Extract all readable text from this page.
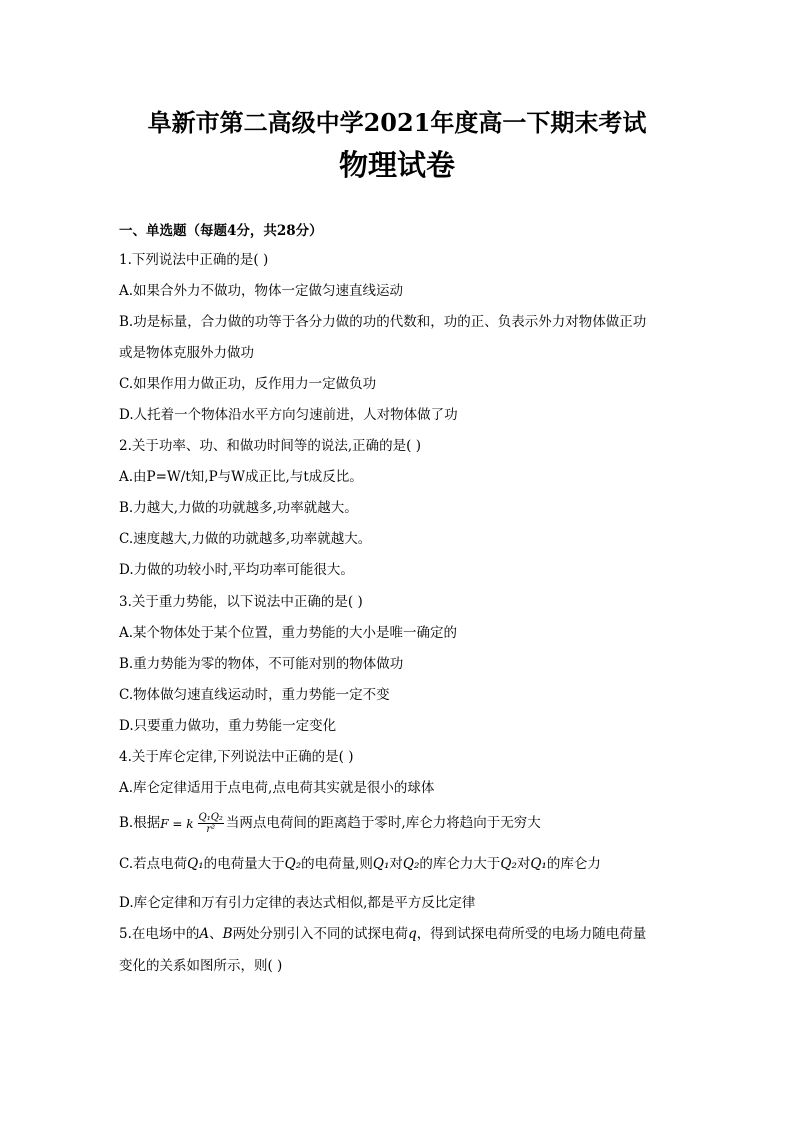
阜新市第二高级中学2021年度高一下期末考试
物理试卷
一、单选题（每题4分，共28分）
1.下列说法中正确的是( )
A.如果合外力不做功，物体一定做匀速直线运动
B.功是标量，合力做的功等于各分力做的功的代数和，功的正、负表示外力对物体做正功
或是物体克服外力做功
C.如果作用力做正功，反作用力一定做负功
D.人托着一个物体沿水平方向匀速前进，人对物体做了功
2.关于功率、功、和做功时间等的说法,正确的是( )
A.由P=W/t知,P与W成正比,与t成反比。
B.力越大,力做的功就越多,功率就越大。
C.速度越大,力做的功就越多,功率就越大。
D.力做的功较小时,平均功率可能很大。
3.关于重力势能，以下说法中正确的是( )
A.某个物体处于某个位置，重力势能的大小是唯一确定的
B.重力势能为零的物体，不可能对别的物体做功
C.物体做匀速直线运动时，重力势能一定不变
D.只要重力做功，重力势能一定变化
4.关于库仑定律,下列说法中正确的是( )
A.库仑定律适用于点电荷,点电荷其实就是很小的球体
B.根据F = k $\frac{\text{Q₁Q₂}}{\text{r²}}$ 当两点电荷间的距离趋于零时,库仑力将趋向于无穷大
C.若点电荷Q₁的电荷量大于Q₂的电荷量,则Q₁对Q₂的库仑力大于Q₂对Q₁的库仑力
D.库仑定律和万有引力定律的表达式相似,都是平方反比定律
5.在电场中的A、B两处分别引入不同的试探电荷q，得到试探电荷所受的电场力随电荷量
变化的关系如图所示，则( )
